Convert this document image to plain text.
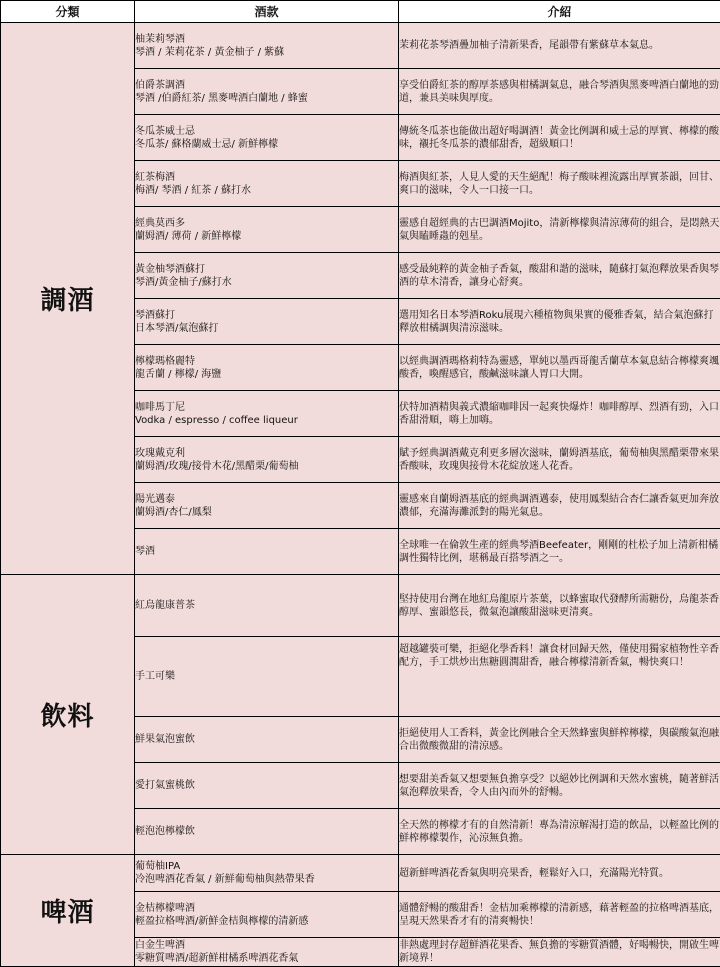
分類	酒款	介紹
調酒	柚茉莉琴酒
琴酒 / 茉莉花茶 / 黃金柚子 / 紫蘇	茉莉花茶琴酒疊加柚子清新果香，尾韻帶有紫蘇草本氣息。

	伯爵茶調酒
琴酒 /伯爵紅茶/ 黑麥啤酒白蘭地 / 蜂蜜	享受伯爵紅茶的醇厚茶感與柑橘調氣息，融合琴酒與黑麥啤酒白蘭地的勁道，兼具美味與厚度。

	冬瓜茶威士忌
冬瓜茶/ 蘇格蘭威士忌/ 新鮮檸檬	傳統冬瓜茶也能做出超好喝調酒！黃金比例調和威士忌的厚實、檸檬的酸味，襯托冬瓜茶的濃郁甜香，超級順口！

	紅茶梅酒
梅酒/ 琴酒 / 紅茶 / 蘇打水	梅酒與紅茶，人見人愛的天生絕配！梅子酸味裡流露出厚實茶韻，回甘、爽口的滋味，令人一口接一口。

	經典莫西多
蘭姆酒/ 薄荷 / 新鮮檸檬	靈感自超經典的古巴調酒Mojito，清新檸檬與清涼薄荷的組合，是悶熱天氣與瞌睡蟲的剋星。

	黃金柚琴酒蘇打
琴酒/黃金柚子/蘇打水	感受最純粹的黃金柚子香氣，酸甜和諧的滋味，隨蘇打氣泡釋放果香與琴酒的草木清香，讓身心舒爽。

	琴酒蘇打
日本琴酒/氣泡蘇打	選用知名日本琴酒Roku展現六種植物與果實的優雅香氣，結合氣泡蘇打釋放柑橘調與清涼滋味。

	檸檬瑪格麗特
龍舌蘭 / 檸檬/ 海鹽	以經典調酒瑪格莉特為靈感，單純以墨西哥龍舌蘭草本氣息結合檸檬爽颯酸香，喚醒感官，酸鹹滋味讓人胃口大開。

	咖啡馬丁尼
Vodka / espresso / coffee liqueur	伏特加酒精與義式濃縮咖啡因一起爽快爆炸！咖啡醇厚、烈酒有勁，入口香甜滑順，嗨上加嗨。

	玫瑰戴克利
蘭姆酒/玫瑰/接骨木花/黑醋栗/葡萄柚	賦予經典調酒戴克利更多層次滋味，蘭姆酒基底，葡萄柚與黑醋栗帶來果香酸味，玫瑰與接骨木花綻放迷人花香。

	陽光邁泰
蘭姆酒/杏仁/鳳梨	靈感來自蘭姆酒基底的經典調酒邁泰，使用鳳梨結合杏仁讓香氣更加奔放濃郁，充滿海灘派對的陽光氣息。

	琴酒	全球唯一在倫敦生產的經典琴酒Beefeater，剛剛的杜松子加上清新柑橘調性獨特比例，堪稱最百搭琴酒之一。

飲料	紅烏龍康普茶	堅持使用台灣在地紅烏龍原片茶葉，以蜂蜜取代發酵所需糖份，烏龍茶香醇厚、蜜韻悠長，微氣泡讓酸甜滋味更清爽。

	手工可樂	超越罐裝可樂，拒絕化學香料！讓食材回歸天然，僅使用獨家植物性辛香配方，手工烘炒出焦糖圓潤甜香，融合檸檬清新香氣，暢快爽口！

	鮮果氣泡蜜飲	拒絕使用人工香料，黃金比例融合全天然蜂蜜與鮮榨檸檬，與碳酸氣泡融合出微酸微甜的清涼感。

	愛打氣蜜桃飲	想要甜美香氣又想要無負擔享受？以絕妙比例調和天然水蜜桃，隨著鮮活氣泡釋放果香，令人由內而外的舒暢。

	輕泡泡檸檬飲	全天然的檸檬才有的自然清新！專為清涼解渴打造的飲品，以輕盈比例的鮮榨檸檬製作，沁涼無負擔。

啤酒	葡萄柚IPA
冷泡啤酒花香氣 / 新鮮葡萄柚與熱帶果香	超新鮮啤酒花香氣與明亮果香，輕鬆好入口，充滿陽光特質。

	金桔檸檬啤酒
輕盈拉格啤酒/新鮮金桔與檸檬的清新感	通體舒暢的酸甜香！金桔加乘檸檬的清新感，藉著輕盈的拉格啤酒基底，呈現天然果香才有的清爽暢快！

	白金生啤酒
零糖質啤酒/超新鮮柑橘系啤酒花香氣	非熱處理封存超鮮酒花果香、無負擔的零糖質酒體，好喝暢快，開啟生啤新境界！
